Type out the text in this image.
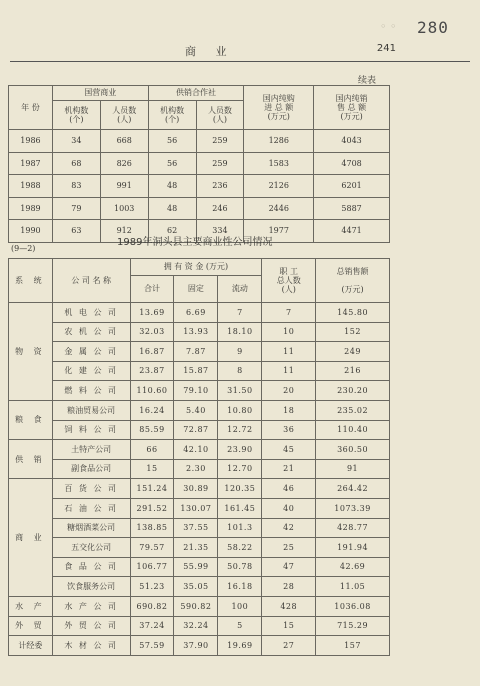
◦ ◦ 280
商 业	241
续表
年 份	国营商业		供销合作社		国内纯购
进 总 额
(万元)	国内纯销
售 总 额
(万元)
	机构数
(个)	人员数
(人)	机构数
(个)	人员数
(人)		
1986	34	668	56	259	1286	4043
1987	68	826	56	259	1583	4708
1988	83	991	48	236	2126	6201
1989	79	1003	48	246	2446	5887
1990	63	912	62	334	1977	4471
1989年洞头县主要商业性公司情况
(9—2)
系 统	公 司 名 称	拥 有 资 金 (万元)			职 工
总人数
(人)	总销售额

(万元)
		合计	固定	流动		
物 资	机 电 公 司	13.69	6.69	7	7	145.80
	农 机 公 司	32.03	13.93	18.10	10	152
	金 属 公 司	16.87	7.87	9	11	249
	化 建 公 司	23.87	15.87	8	11	216
	燃 料 公 司	110.60	79.10	31.50	20	230.20
粮 食	粮油贸易公司	16.24	5.40	10.80	18	235.02
	饲 料 公 司	85.59	72.87	12.72	36	110.40
供 销	土特产公司	66	42.10	23.90	45	360.50
	副食品公司	15	2.30	12.70	21	91
商 业	百 货 公 司	151.24	30.89	120.35	46	264.42
	石 油 公 司	291.52	130.07	161.45	40	1073.39
	糖烟酒菜公司	138.85	37.55	101.3	42	428.77
	五交化公司	79.57	21.35	58.22	25	191.94
	食 品 公 司	106.77	55.99	50.78	47	42.69
	饮食服务公司	51.23	35.05	16.18	28	11.05
水 产	水 产 公 司	690.82	590.82	100	428	1036.08
外 贸	外 贸 公 司	37.24	32.24	5	15	715.29
计经委	木 材 公 司	57.59	37.90	19.69	27	157
